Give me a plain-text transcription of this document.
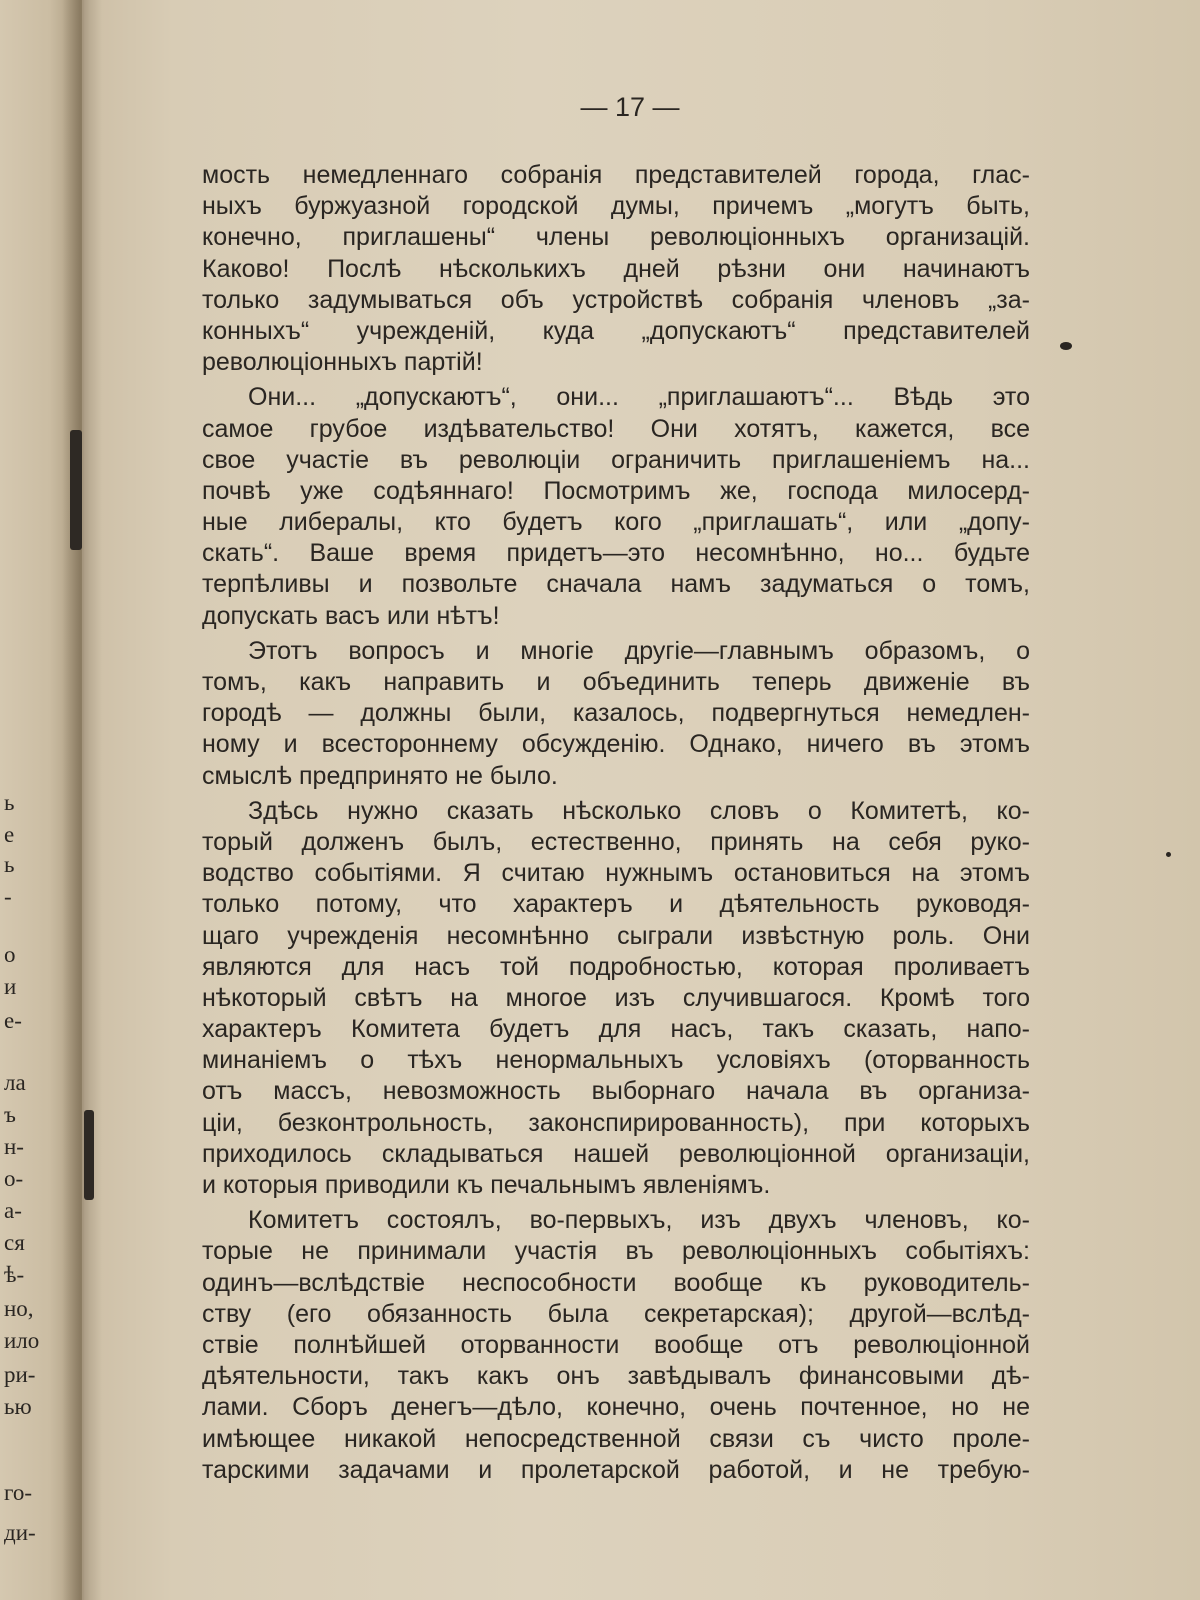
ь
е
ь
-
о
и
е-
ла
ъ
н-
о-
а-
ся
ѣ-
но,
ило
ри-
ью
го-
ди-
— 17 —
мость немедленнаго собранія представителей города, глас-
ныхъ буржуазной городской думы, причемъ „могутъ быть,
конечно, приглашены“ члены революціонныхъ организацій.
Каково! Послѣ нѣсколькихъ дней рѣзни они начинаютъ
только задумываться объ устройствѣ собранія членовъ „за-
конныхъ“ учрежденій, куда „допускаютъ“ представителей
революціонныхъ партій!
Они... „допускаютъ“, они... „приглашаютъ“... Вѣдь это
самое грубое издѣвательство! Они хотятъ, кажется, все
свое участіе въ революціи ограничить приглашеніемъ на...
почвѣ уже содѣяннаго! Посмотримъ же, господа милосерд-
ные либералы, кто будетъ кого „приглашать“, или „допу-
скать“. Ваше время придетъ—это несомнѣнно, но... будьте
терпѣливы и позвольте сначала намъ задуматься о томъ,
допускать васъ или нѣтъ!
Этотъ вопросъ и многіе другіе—главнымъ образомъ, о
томъ, какъ направить и объединить теперь движеніе въ
городѣ — должны были, казалось, подвергнуться немедлен-
ному и всестороннему обсужденію. Однако, ничего въ этомъ
смыслѣ предпринято не было.
Здѣсь нужно сказать нѣсколько словъ о Комитетѣ, ко-
торый долженъ былъ, естественно, принять на себя руко-
водство событіями. Я считаю нужнымъ остановиться на этомъ
только потому, что характеръ и дѣятельность руководя-
щаго учрежденія несомнѣнно сыграли извѣстную роль. Они
являются для насъ той подробностью, которая проливаетъ
нѣкоторый свѣтъ на многое изъ случившагося. Кромѣ того
характеръ Комитета будетъ для насъ, такъ сказать, напо-
минаніемъ о тѣхъ ненормальныхъ условіяхъ (оторванность
отъ массъ, невозможность выборнаго начала въ организа-
ціи, безконтрольность, законспирированность), при которыхъ
приходилось складываться нашей революціонной организаціи,
и которыя приводили къ печальнымъ явленіямъ.
Комитетъ состоялъ, во-первыхъ, изъ двухъ членовъ, ко-
торые не принимали участія въ революціонныхъ событіяхъ:
одинъ—вслѣдствіе неспособности вообще къ руководитель-
ству (его обязанность была секретарская); другой—вслѣд-
ствіе полнѣйшей оторванности вообще отъ революціонной
дѣятельности, такъ какъ онъ завѣдывалъ финансовыми дѣ-
лами. Сборъ денегъ—дѣло, конечно, очень почтенное, но не
имѣющее никакой непосредственной связи съ чисто проле-
тарскими задачами и пролетарской работой, и не требую-
